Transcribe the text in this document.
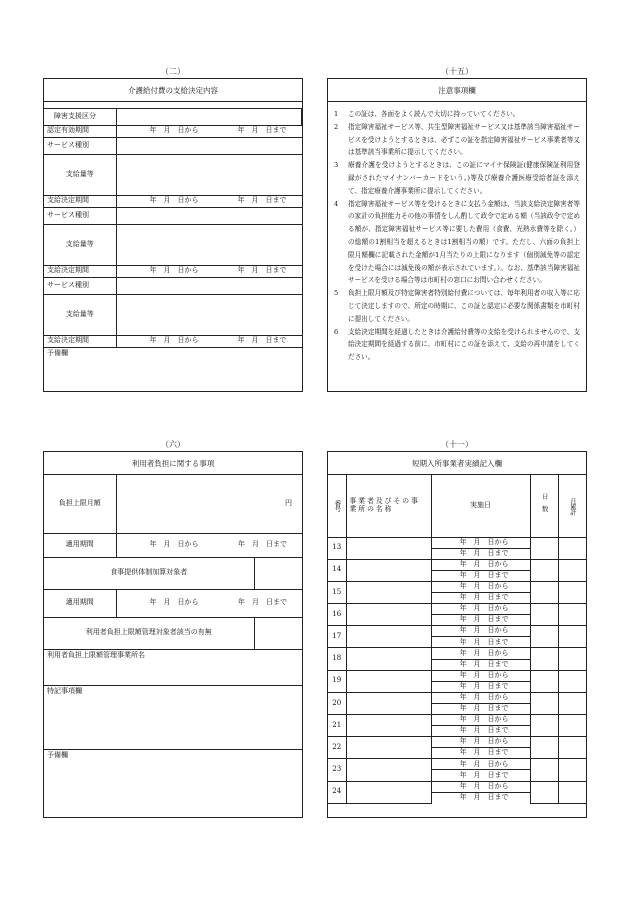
（二）
介護給付費の支給決定内容

障害支援区分	
認定有効期間	年　月　日から 年　月　日まで

サービス種別	
支給量等	
支給決定期間	年　月　日から 年　月　日まで

サービス種別	
支給量等	
支給決定期間	年　月　日から 年　月　日まで

サービス種別	
支給量等	
支給決定期間	年　月　日から 年　月　日まで

予備欄	
（十五）
注意事項欄
1	この証は、各面をよく読んで大切に持っていてください。
2	指定障害福祉サービス等、共生型障害福祉サービス又は基準該当障害福祉サービスを受けようとするときは、必ずこの証を指定障害福祉サービス事業者等又は基準該当事業所に提示してください。
3	療養介護を受けようとするときは、この証にマイナ保険証(健康保険証利用登録がされたマイナンバーカードをいう。)等及び療養介護医療受給者証を添えて、指定療養介護事業所に提示してください。
4	指定障害福祉サービス等を受けるときに支払う金額は、当該支給決定障害者等の家計の負担能力その他の事情をしん酌して政令で定める額（当該政令で定める額が、指定障害福祉サービス等に要した費用（食費、光熱水費等を除く。）の総額の1割相当を超えるときは1割相当の額）です。ただし、六面の負担上限月額欄に記載された金額が1月当たりの上限になります（個別減免等の認定を受けた場合には減免後の額が表示されています。）。なお、基準該当障害福祉サービスを受ける場合等は市町村の窓口にお問い合わせください。
5	負担上限月額及び特定障害者特別給付費については、毎年利用者の収入等に応じて決定しますので、所定の時期に、この証と認定に必要な関係書類を市町村に提出してください。
6	支給決定期間を経過したときは介護給付費等の支給を受けられませんので、支給決定期間を経過する前に、市町村にこの証を添えて、支給の再申請をしてください。
（六）
利用者負担に関する事項
負担上限月額	円	
適用期間	年　月　日から 年　月　日まで	

食事提供体制加算対象者		
適用期間	年　月　日から 年　月　日まで	

利用者負担上限額管理対象者該当の有無		
利用者負担上限額管理事業所名		
特記事項欄		
予備欄		
（十一）
短期入所事業者実績記入欄
番号	事業者及びその事業所の名称	実施日	日数	月累計

13		年　月　日から		
		年　月　日まで		
14		年　月　日から		
		年　月　日まで		
15		年　月　日から		
		年　月　日まで		
16		年　月　日から		
		年　月　日まで		
17		年　月　日から		
		年　月　日まで		
18		年　月　日から		
		年　月　日まで		
19		年　月　日から		
		年　月　日まで		
20		年　月　日から		
		年　月　日まで		
21		年　月　日から		
		年　月　日まで		
22		年　月　日から		
		年　月　日まで		
23		年　月　日から		
		年　月　日まで		
24		年　月　日から		
		年　月　日まで		
